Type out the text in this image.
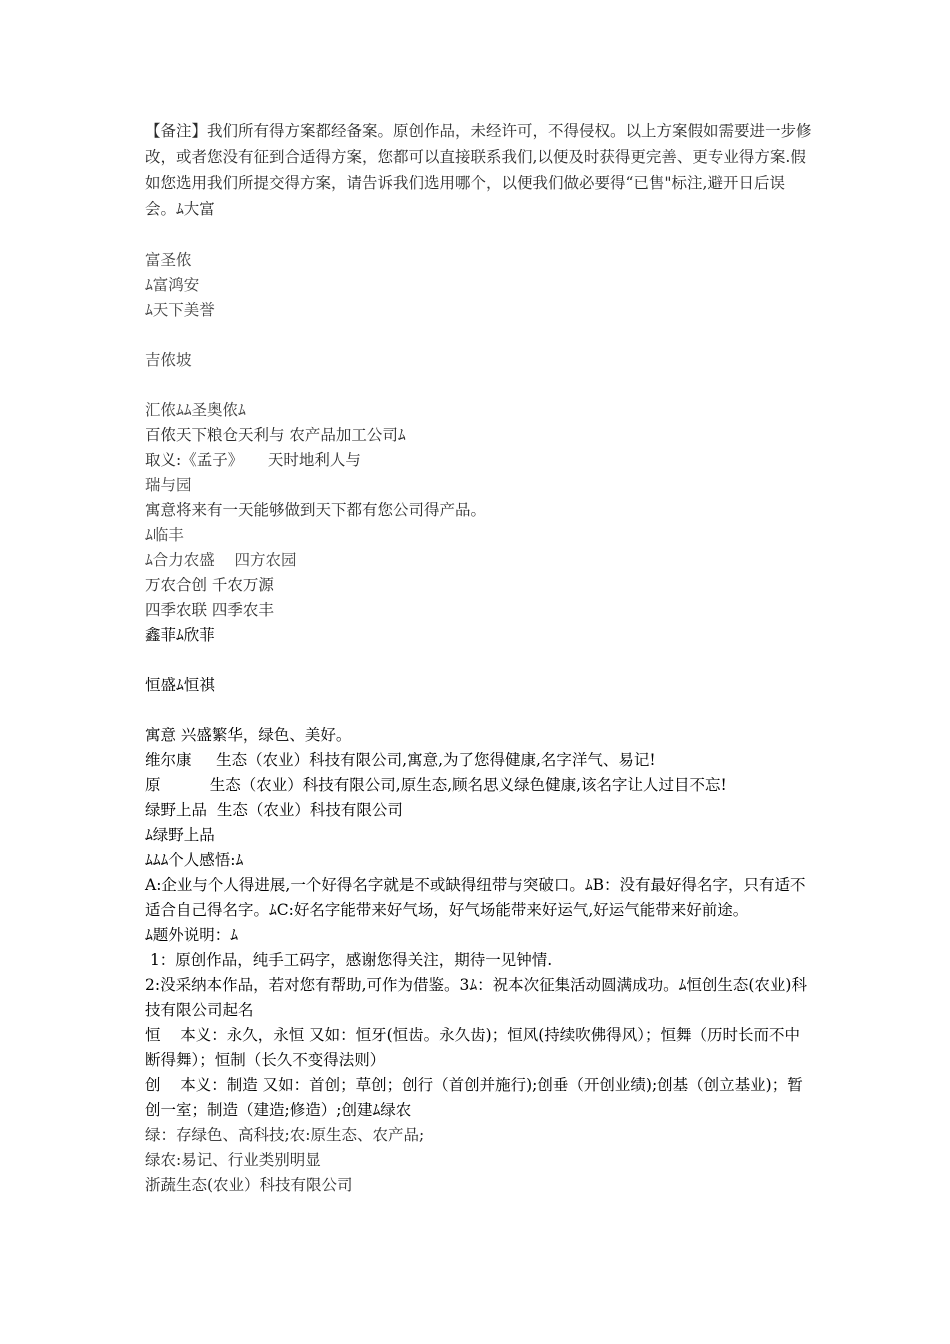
【备注】我们所有得方案都经备案。原创作品，未经许可，不得侵权。以上方案假如需要进一步修改，或者您没有征到合适得方案，您都可以直接联系我们,以便及时获得更完善、更专业得方案.假如您选用我们所提交得方案，请告诉我们选用哪个，以便我们做必要得“已售"标注,避开日后误会。ﾑ大富

富圣侬

ﾑ富鸿安

ﾑ天下美誉

吉侬坡

汇侬ﾑﾑ圣奥侬ﾑ

百侬天下粮仓天利与 农产品加工公司ﾑ

取义:《孟子》     天时地利人与

瑞与园

寓意将来有一天能够做到天下都有您公司得产品。

ﾑ临丰

ﾑ合力农盛    四方农园

万农合创 千农万源

四季农联 四季农丰

鑫菲ﾑ欣菲

恒盛ﾑ恒祺

寓意 兴盛繁华，绿色、美好。

维尔康     生态（农业）科技有限公司,寓意,为了您得健康,名字洋气、易记!

原          生态（农业）科技有限公司,原生态,顾名思义绿色健康,该名字让人过目不忘!

绿野上品  生态（农业）科技有限公司

ﾑ绿野上品

ﾑﾑﾑ个人感悟:ﾑ

A:企业与个人得进展,一个好得名字就是不或缺得纽带与突破口。ﾑB：没有最好得名字，只有适不适合自己得名字。ﾑC:好名字能带来好气场，好气场能带来好运气,好运气能带来好前途。

ﾑ题外说明：ﾑ

1：原创作品，纯手工码字，感谢您得关注，期待一见钟情.

2:没采纳本作品，若对您有帮助,可作为借鉴。3ﾑ：祝本次征集活动圆满成功。ﾑ恒创生态(农业)科技有限公司起名

恒    本义：永久，永恒 又如：恒牙(恒齿。永久齿)；恒风(持续吹佛得风）；恒舞（历时长而不中断得舞）；恒制（长久不变得法则）

创    本义：制造 又如：首创；草创；创行（首创并施行);创垂（开创业绩);创基（创立基业)；暂创一室；制造（建造;修造）;创建ﾑ绿农

绿：存绿色、高科技;农:原生态、农产品;

绿农:易记、行业类别明显

浙蔬生态(农业）科技有限公司
